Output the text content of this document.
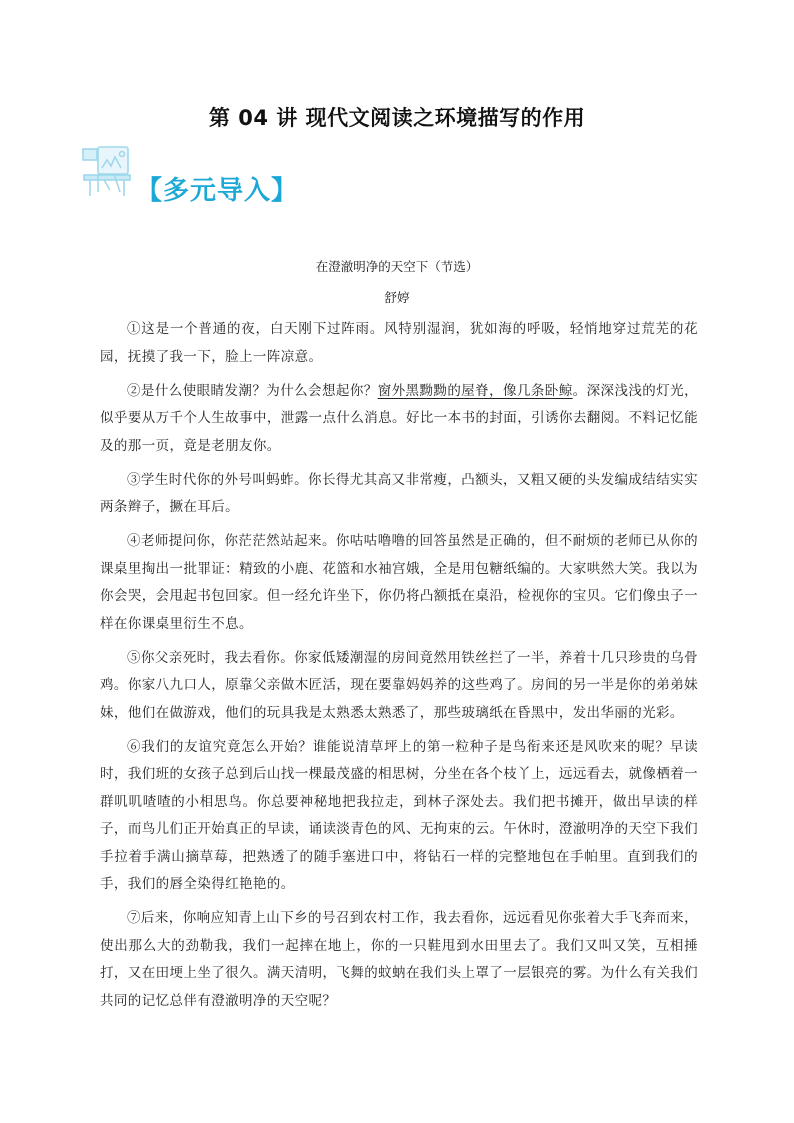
第 04 讲 现代文阅读之环境描写的作用
【多元导入】
在澄澈明净的天空下（节选）
舒婷

①这是一个普通的夜，白天刚下过阵雨。风特别湿润，犹如海的呼吸，轻悄地穿过荒芜的花园，抚摸了我一下，脸上一阵凉意。

②是什么使眼睛发潮？为什么会想起你？窗外黑黝黝的屋脊，像几条卧鲸。深深浅浅的灯光，似乎要从万千个人生故事中，泄露一点什么消息。好比一本书的封面，引诱你去翻阅。不料记忆能及的那一页，竟是老朋友你。

③学生时代你的外号叫蚂蚱。你长得尤其高又非常瘦，凸额头，又粗又硬的头发编成结结实实两条辫子，撅在耳后。

④老师提问你，你茫茫然站起来。你咕咕噜噜的回答虽然是正确的，但不耐烦的老师已从你的课桌里掏出一批罪证：精致的小鹿、花篮和水袖宫娥，全是用包糖纸编的。大家哄然大笑。我以为你会哭，会甩起书包回家。但一经允许坐下，你仍将凸额抵在桌沿，检视你的宝贝。它们像虫子一样在你课桌里衍生不息。

⑤你父亲死时，我去看你。你家低矮潮湿的房间竟然用铁丝拦了一半，养着十几只珍贵的乌骨鸡。你家八九口人，原靠父亲做木匠活，现在要靠妈妈养的这些鸡了。房间的另一半是你的弟弟妹妹，他们在做游戏，他们的玩具我是太熟悉太熟悉了，那些玻璃纸在昏黑中，发出华丽的光彩。

⑥我们的友谊究竟怎么开始？谁能说清草坪上的第一粒种子是鸟衔来还是风吹来的呢？早读时，我们班的女孩子总到后山找一棵最茂盛的相思树，分坐在各个枝丫上，远远看去，就像栖着一群叽叽喳喳的小相思鸟。你总要神秘地把我拉走，到林子深处去。我们把书摊开，做出早读的样子，而鸟儿们正开始真正的早读，诵读淡青色的风、无拘束的云。午休时，澄澈明净的天空下我们手拉着手满山摘草莓，把熟透了的随手塞进口中，将钻石一样的完整地包在手帕里。直到我们的手，我们的唇全染得红艳艳的。

⑦后来，你响应知青上山下乡的号召到农村工作，我去看你，远远看见你张着大手飞奔而来，使出那么大的劲勒我，我们一起摔在地上，你的一只鞋甩到水田里去了。我们又叫又笑，互相捶打，又在田埂上坐了很久。满天清明，飞舞的蚊蚋在我们头上罩了一层银亮的雾。为什么有关我们共同的记忆总伴有澄澈明净的天空呢？
